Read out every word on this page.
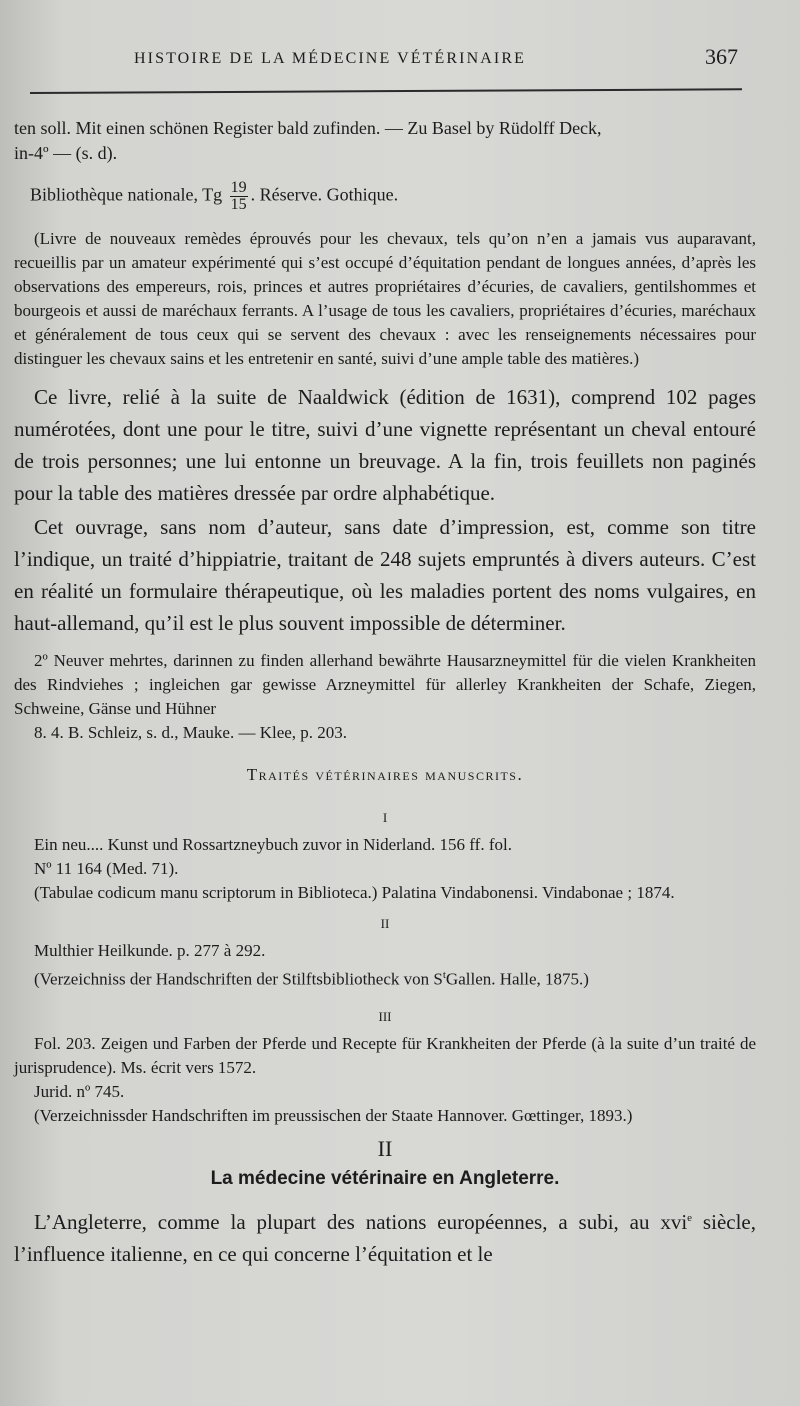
HISTOIRE DE LA MÉDECINE VÉTÉRINAIRE	367

ten soll. Mit einen schönen Register bald zufinden. — Zu Basel by Rüdolff Deck,
in-4º — (s. d).

Bibliothèque nationale, Tg $\frac{19}{15}$ . Réserve. Gothique.

(Livre de nouveaux remèdes éprouvés pour les chevaux, tels qu’on n’en a jamais vus auparavant, recueillis par un amateur expérimenté qui s’est occupé d’équitation pendant de longues années, d’après les observations des empereurs, rois, princes et autres propriétaires d’écuries, de cavaliers, gentilshommes et bourgeois et aussi de maréchaux ferrants. A l’usage de tous les cavaliers, propriétaires d’écuries, maréchaux et généralement de tous ceux qui se servent des chevaux : avec les renseignements nécessaires pour distinguer les chevaux sains et les entretenir en santé, suivi d’une ample table des matières.)

Ce livre, relié à la suite de Naaldwick (édition de 1631), comprend 102 pages numérotées, dont une pour le titre, suivi d’une vignette représentant un cheval entouré de trois personnes; une lui entonne un breuvage. A la fin, trois feuillets non paginés pour la table des matières dressée par ordre alphabétique.

Cet ouvrage, sans nom d’auteur, sans date d’impression, est, comme son titre l’indique, un traité d’hippiatrie, traitant de 248 sujets empruntés à divers auteurs. C’est en réalité un formulaire thérapeutique, où les maladies portent des noms vulgaires, en haut-allemand, qu’il est le plus souvent impossible de déterminer.

2º Neuver mehrtes, darinnen zu finden allerhand bewährte Hausarzneymittel für die vielen Krankheiten des Rindviehes ; ingleichen gar gewisse Arzneymittel für allerley Krankheiten der Schafe, Ziegen, Schweine, Gänse und Hühner

8. 4. B. Schleiz, s. d., Mauke. — Klee, p. 203.

Traités vétérinaires manuscrits.

I

Ein neu.... Kunst und Rossartzneybuch zuvor in Niderland. 156 ff. fol.

Nº 11 164 (Med. 71).

(Tabulae codicum manu scriptorum in Biblioteca.) Palatina Vindabonensi. Vindabonae ; 1874.

II

Multhier Heilkunde. p. 277 à 292.

(Verzeichniss der Handschriften der Stilftsbibliotheck von $S^tGallen$. Halle, 1875.)

III

Fol. 203. Zeigen und Farben der Pferde und Recepte für Krankheiten der Pferde (à la suite d’un traité de jurisprudence). Ms. écrit vers 1572.

Jurid. nº 745.

(Verzeichnissder Handschriften im preussischen der Staate Hannover. Gœttinger, 1893.)

II

La médecine vétérinaire en Angleterre.

L’Angleterre, comme la plupart des nations européennes, a subi, au xvi$^e$ siècle, l’influence italienne, en ce qui concerne l’équitation et le
